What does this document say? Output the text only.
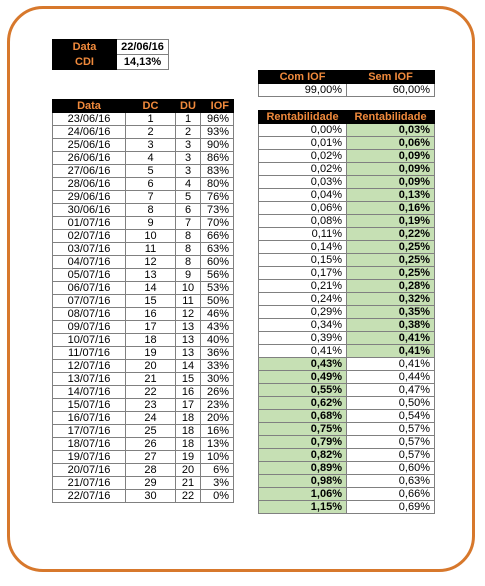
Data	22/06/16
CDI	14,13%
Data	DC	DU	IOF
23/06/16	1	1	96%
24/06/16	2	2	93%
25/06/16	3	3	90%
26/06/16	4	3	86%
27/06/16	5	3	83%
28/06/16	6	4	80%
29/06/16	7	5	76%
30/06/16	8	6	73%
01/07/16	9	7	70%
02/07/16	10	8	66%
03/07/16	11	8	63%
04/07/16	12	8	60%
05/07/16	13	9	56%
06/07/16	14	10	53%
07/07/16	15	11	50%
08/07/16	16	12	46%
09/07/16	17	13	43%
10/07/16	18	13	40%
11/07/16	19	13	36%
12/07/16	20	14	33%
13/07/16	21	15	30%
14/07/16	22	16	26%
15/07/16	23	17	23%
16/07/16	24	18	20%
17/07/16	25	18	16%
18/07/16	26	18	13%
19/07/16	27	19	10%
20/07/16	28	20	6%
21/07/16	29	21	3%
22/07/16	30	22	0%
Com IOF	Sem IOF
99,00%	60,00%

Rentabilidade	Rentabilidade
0,00%	0,03%
0,01%	0,06%
0,02%	0,09%
0,02%	0,09%
0,03%	0,09%
0,04%	0,13%
0,06%	0,16%
0,08%	0,19%
0,11%	0,22%
0,14%	0,25%
0,15%	0,25%
0,17%	0,25%
0,21%	0,28%
0,24%	0,32%
0,29%	0,35%
0,34%	0,38%
0,39%	0,41%
0,41%	0,41%
0,43%	0,41%
0,49%	0,44%
0,55%	0,47%
0,62%	0,50%
0,68%	0,54%
0,75%	0,57%
0,79%	0,57%
0,82%	0,57%
0,89%	0,60%
0,98%	0,63%
1,06%	0,66%
1,15%	0,69%
